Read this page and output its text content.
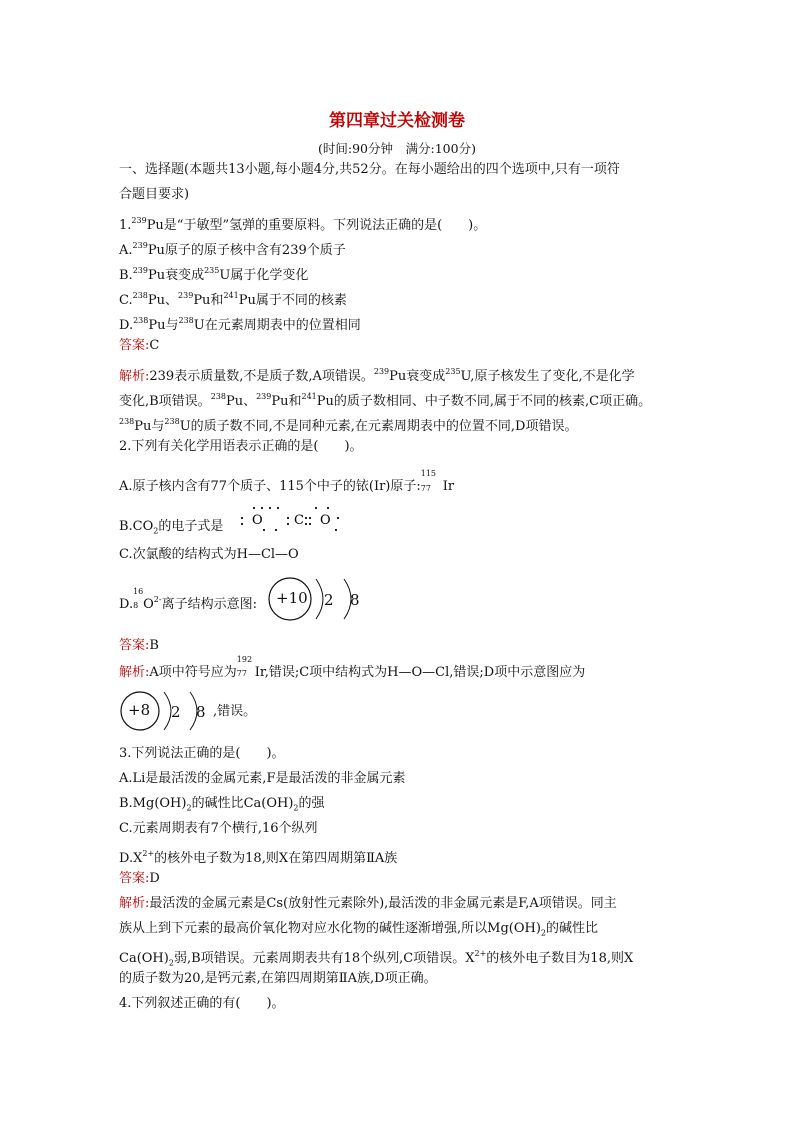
第四章过关检测卷
(时间:90分钟　满分:100分)
一、选择题(本题共13小题,每小题4分,共52分。在每小题给出的四个选项中,只有一项符
合题目要求)
1.$^{239}$Pu是“于敏型”氢弹的重要原料。下列说法正确的是(　　)。
A.$^{239}$Pu原子的原子核中含有239个质子
B.$^{239}$Pu衰变成$^{235}$U属于化学变化
C.$^{238}$Pu、$^{239}$Pu和$^{241}$Pu属于不同的核素
D.$^{238}$Pu与$^{238}$U在元素周期表中的位置相同
答案:C
解析:239表示质量数,不是质子数,A项错误。$^{239}$Pu衰变成$^{235}$U,原子核发生了变化,不是化学
变化,B项错误。$^{238}$Pu、$^{239}$Pu和$^{241}$Pu的质子数相同、中子数不同,属于不同的核素,C项正确。
$^{238}$Pu与$^{238}$U的质子数不同,不是同种元素,在元素周期表中的位置不同,D项错误。
2.下列有关化学用语表示正确的是(　　)。
A.原子核内含有77个质子、115个中子的铱(Ir)原子:
115
77 Ir
$B.CO_2$的电子式是 O C O
C.次氯酸的结构式为H—Cl—O
D.
16
8 $O^{2-}$离子结构示意图:	+10 2 8
答案:B
解析:A项中符号应为
192
77 Ir,错误;C项中结构式为H—O—Cl,错误;D项中示意图应为
+8 2 8 ,错误。
3.下列说法正确的是(　　)。
A.Li是最活泼的金属元素,F是最活泼的非金属元素
$B.Mg(OH)_2$的碱性比$Ca(OH)_2$的强
C.元素周期表有7个横行,16个纵列
$D.X^{2+}$的核外电子数为18,则X在第四周期第ⅡA族
答案:D
解析:最活泼的金属元素是Cs(放射性元素除外),最活泼的非金属元素是F,A项错误。同主
族从上到下元素的最高价氧化物对应水化物的碱性逐渐增强,所以$Mg(OH)_2$的碱性比
$Ca(OH)_2$弱,B项错误。元素周期表共有18个纵列,C项错误。$X^{2+}$的核外电子数目为18,则X
的质子数为20,是钙元素,在第四周期第ⅡA族,D项正确。
4.下列叙述正确的有(　　)。
